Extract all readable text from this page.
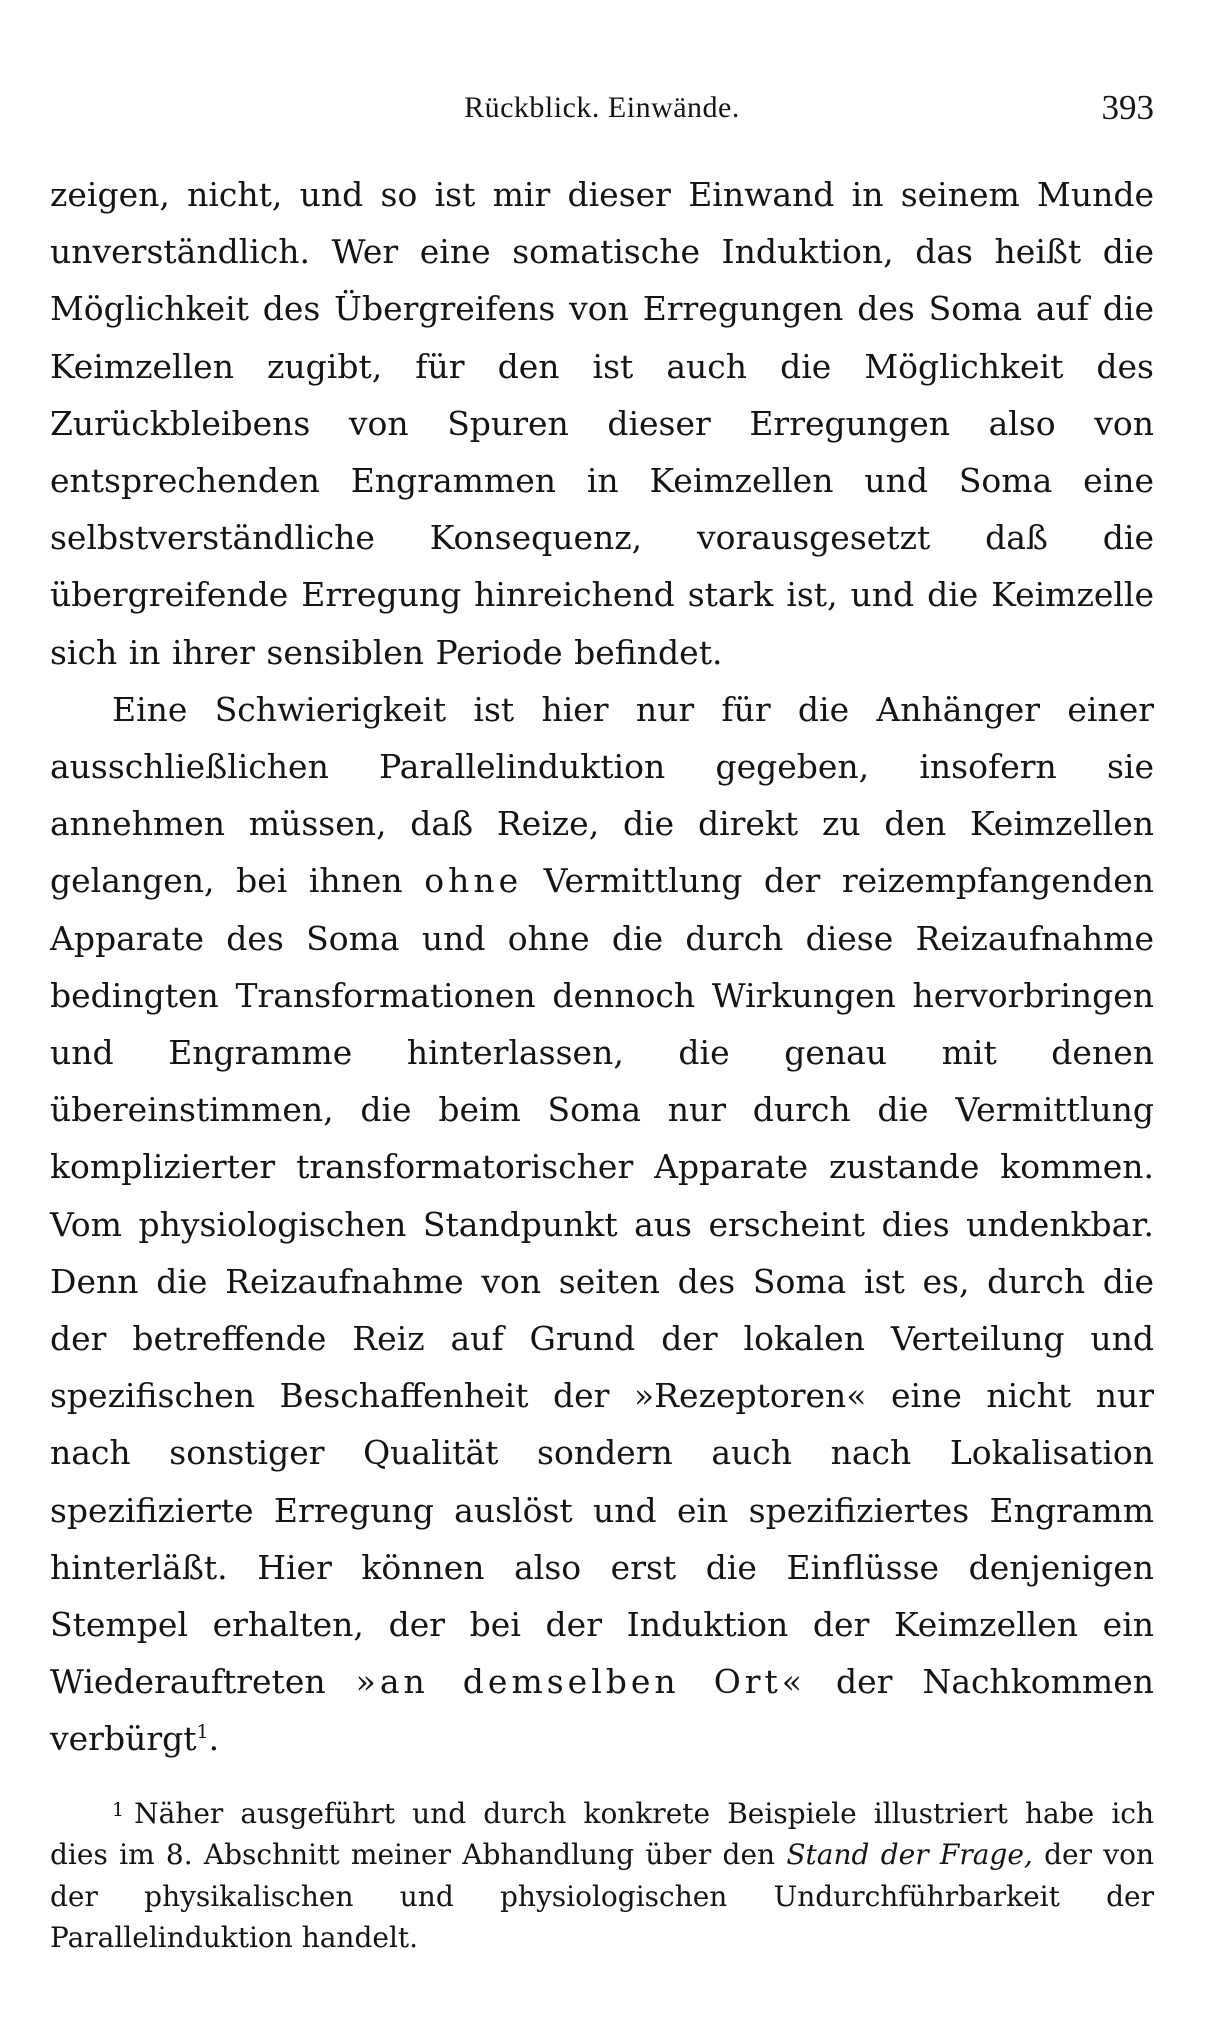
Rückblick. Einwände.	393

zeigen, nicht, und so ist mir dieser Einwand in seinem Munde unverständlich. Wer eine somatische Induktion, das heißt die Möglichkeit des Übergreifens von Erregungen des Soma auf die Keimzellen zugibt, für den ist auch die Möglichkeit des Zurückbleibens von Spuren dieser Erregungen also von entsprechenden Engrammen in Keimzellen und Soma eine selbstverständliche Konsequenz, vorausgesetzt daß die übergreifende Erregung hinreichend stark ist, und die Keimzelle sich in ihrer sensiblen Periode befindet.

Eine Schwierigkeit ist hier nur für die Anhänger einer ausschließlichen Parallelinduktion gegeben, insofern sie annehmen müssen, daß Reize, die direkt zu den Keimzellen gelangen, bei ihnen ohne Vermittlung der reizempfangenden Apparate des Soma und ohne die durch diese Reizaufnahme bedingten Transformationen dennoch Wirkungen hervorbringen und Engramme hinterlassen, die genau mit denen übereinstimmen, die beim Soma nur durch die Vermittlung komplizierter transformatorischer Apparate zustande kommen. Vom physiologischen Standpunkt aus erscheint dies undenkbar. Denn die Reizaufnahme von seiten des Soma ist es, durch die der betreffende Reiz auf Grund der lokalen Verteilung und spezifischen Beschaffenheit der »Rezeptoren« eine nicht nur nach sonstiger Qualität sondern auch nach Lokalisation spezifizierte Erregung auslöst und ein spezifiziertes Engramm hinterläßt. Hier können also erst die Einflüsse denjenigen Stempel erhalten, der bei der Induktion der Keimzellen ein Wiederauftreten »an demselben Ort« der Nachkommen verbürgt$^1$.

$^1$ Näher ausgeführt und durch konkrete Beispiele illustriert habe ich dies im 8. Abschnitt meiner Abhandlung über den Stand der Frage, der von der physikalischen und physiologischen Undurchführbarkeit der Parallelinduktion handelt.
